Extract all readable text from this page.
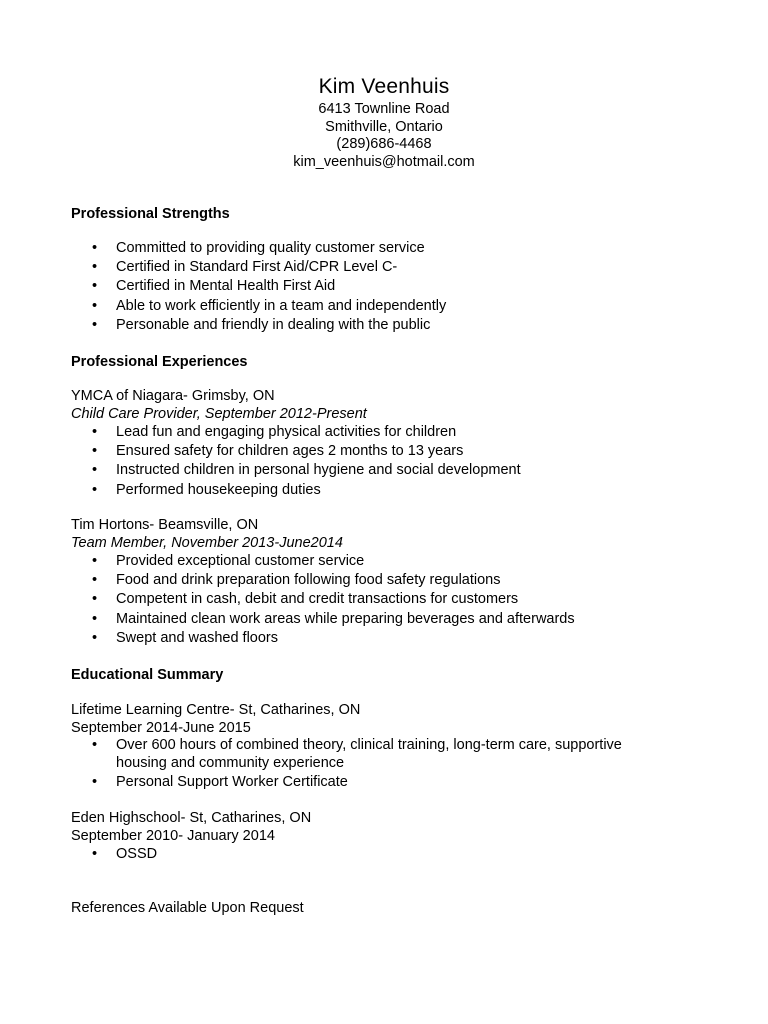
Kim Veenhuis

6413 Townline Road

Smithville, Ontario

(289)686-4468

kim_veenhuis@hotmail.com

Professional Strengths

• Committed to providing quality customer service
• Certified in Standard First Aid/CPR Level C-
• Certified in Mental Health First Aid
• Able to work efficiently in a team and independently
• Personable and friendly in dealing with the public

Professional Experiences

YMCA of Niagara- Grimsby, ON

Child Care Provider, September 2012-Present

• Lead fun and engaging physical activities for children
• Ensured safety for children ages 2 months to 13 years
• Instructed children in personal hygiene and social development
• Performed housekeeping duties

Tim Hortons- Beamsville, ON

Team Member, November 2013-June2014

• Provided exceptional customer service
• Food and drink preparation following food safety regulations
• Competent in cash, debit and credit transactions for customers
• Maintained clean work areas while preparing beverages and afterwards
• Swept and washed floors

Educational Summary

Lifetime Learning Centre- St, Catharines, ON

September 2014-June 2015

• Over 600 hours of combined theory, clinical training, long-term care, supportive housing and community experience
• Personal Support Worker Certificate

Eden Highschool- St, Catharines, ON

September 2010- January 2014

• OSSD

References Available Upon Request
